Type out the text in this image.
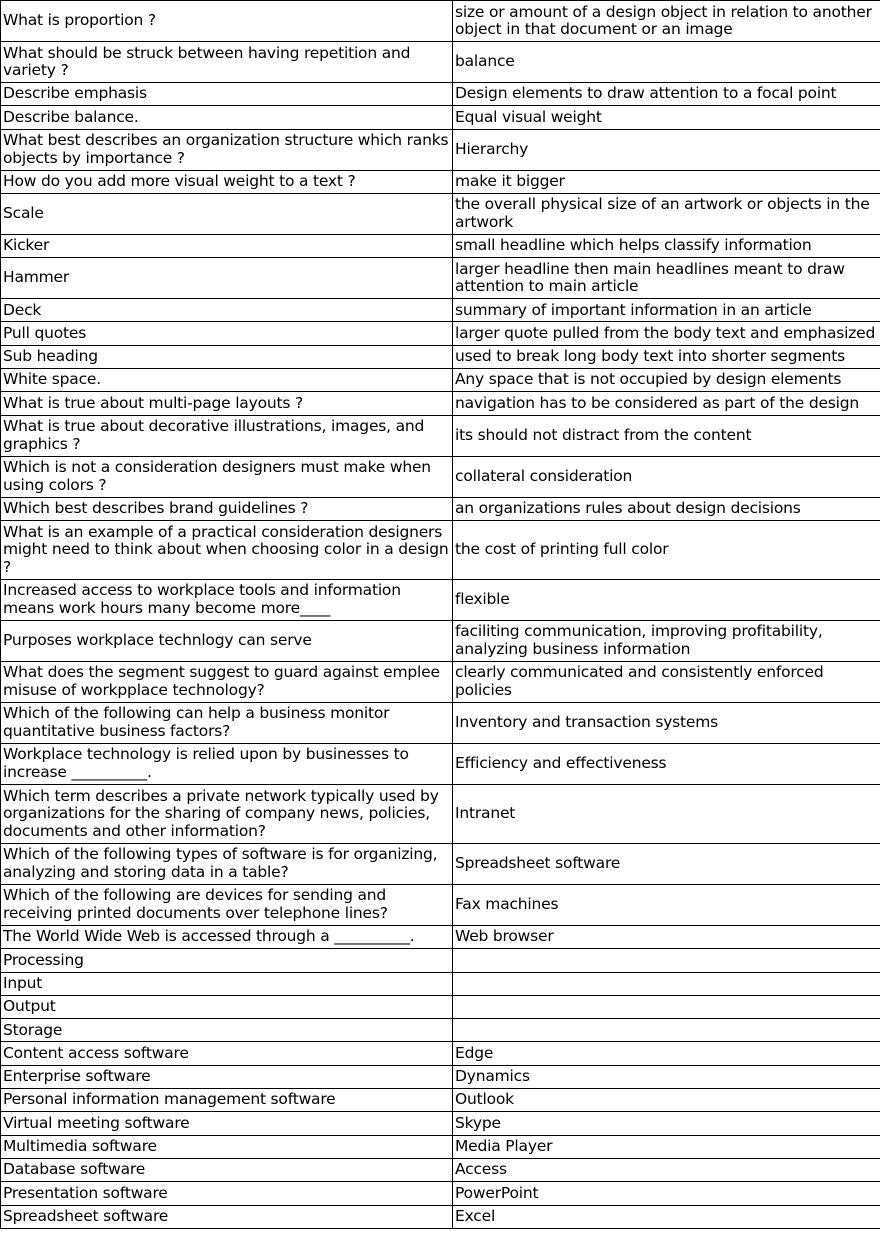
What is proportion ?	size or amount of a design object in relation to another object in that document or an image
What should be struck between having repetition and variety ?	balance
Describe emphasis	Design elements to draw attention to a focal point
Describe balance.	Equal visual weight
What best describes an organization structure which ranks objects by importance ?	Hierarchy
How do you add more visual weight to a text ?	make it bigger
Scale	the overall physical size of an artwork or objects in the artwork
Kicker	small headline which helps classify information
Hammer	larger headline then main headlines meant to draw attention to main article
Deck	summary of important information in an article
Pull quotes	larger quote pulled from the body text and emphasized
Sub heading	used to break long body text into shorter segments
White space.	Any space that is not occupied by design elements
What is true about multi-page layouts ?	navigation has to be considered as part of the design
What is true about decorative illustrations, images, and graphics ?	its should not distract from the content
Which is not a consideration designers must make when using colors ?	collateral consideration
Which best describes brand guidelines ?	an organizations rules about design decisions
What is an example of a practical consideration designers might need to think about when choosing color in a design ?	the cost of printing full color
Increased access to workplace tools and information means work hours many become more____	flexible
Purposes workplace technlogy can serve	faciliting communication, improving profitability, analyzing business information
What does the segment suggest to guard against emplee misuse of workpplace technology?	clearly communicated and consistently enforced policies
Which of the following can help a business monitor quantitative business factors?	Inventory and transaction systems
Workplace technology is relied upon by businesses to increase __________.	Efficiency and effectiveness
Which term describes a private network typically used by organizations for the sharing of company news, policies, documents and other information?	Intranet
Which of the following types of software is for organizing, analyzing and storing data in a table?	Spreadsheet software
Which of the following are devices for sending and receiving printed documents over telephone lines?	Fax machines
The World Wide Web is accessed through a __________.	Web browser
Processing	
Input	
Output	
Storage	
Content access software	Edge
Enterprise software	Dynamics
Personal information management software	Outlook
Virtual meeting software	Skype
Multimedia software	Media Player
Database software	Access
Presentation software	PowerPoint
Spreadsheet software	Excel
